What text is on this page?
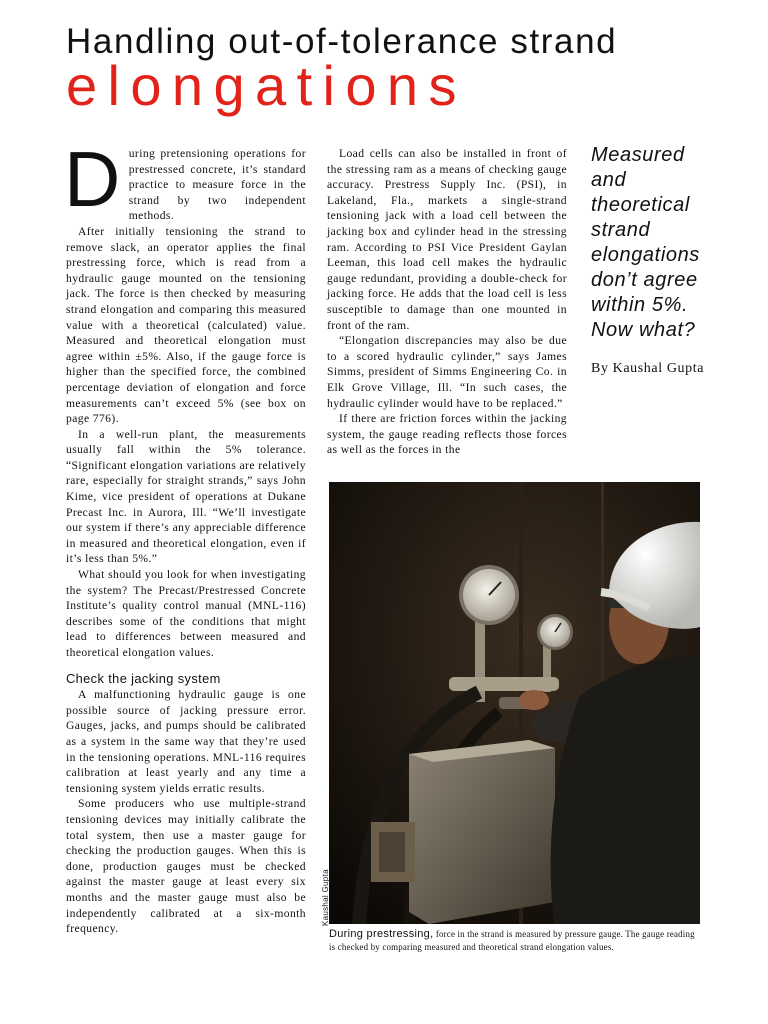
Handling out-of-tolerance strand
elongations

During pretensioning operations for prestressed concrete, it’s standard practice to measure force in the strand by two independent methods.

After initially tensioning the strand to remove slack, an operator applies the final prestressing force, which is read from a hydraulic gauge mounted on the tensioning jack. The force is then checked by measuring strand elongation and comparing this measured value with a theoretical (calculated) value. Measured and theoretical elongation must agree within ±5%. Also, if the gauge force is higher than the specified force, the combined percentage deviation of elongation and force measurements can’t exceed 5% (see box on page 776).

In a well-run plant, the measurements usually fall within the 5% tolerance. “Significant elongation variations are relatively rare, especially for straight strands,” says John Kime, vice president of operations at Dukane Precast Inc. in Aurora, Ill. “We’ll investigate our system if there’s any appreciable difference in measured and theoretical elongation, even if it’s less than 5%.”

What should you look for when investigating the system? The Precast/Prestressed Concrete Institute’s quality control manual (MNL-116) describes some of the conditions that might lead to differences between measured and theoretical elongation values.

Check the jacking system

A malfunctioning hydraulic gauge is one possible source of jacking pressure error. Gauges, jacks, and pumps should be calibrated as a system in the same way that they’re used in the tensioning operations. MNL-116 requires calibration at least yearly and any time a tensioning system yields erratic results.

Some producers who use multiple-strand tensioning devices may initially calibrate the total system, then use a master gauge for checking the production gauges. When this is done, production gauges must be checked against the master gauge at least every six months and the master gauge must also be independently calibrated at a six-month frequency.

Load cells can also be installed in front of the stressing ram as a means of checking gauge accuracy. Prestress Supply Inc. (PSI), in Lakeland, Fla., markets a single-strand tensioning jack with a load cell between the jacking box and cylinder head in the stressing ram. According to PSI Vice President Gaylan Leeman, this load cell makes the hydraulic gauge redundant, providing a double-check for jacking force. He adds that the load cell is less susceptible to damage than one mounted in front of the ram.

“Elongation discrepancies may also be due to a scored hydraulic cylinder,” says James Simms, president of Simms Engineering Co. in Elk Grove Village, Ill. “In such cases, the hydraulic cylinder would have to be replaced.”

If there are friction forces within the jacking system, the gauge reading reflects those forces as well as the forces in the

Measured and theoretical strand elongations don’t agree within 5%. Now what?

By Kaushal Gupta

Kaushal Gupta
During prestressing, force in the strand is measured by pressure gauge. The gauge reading is checked by comparing measured and theoretical strand elongation values.
